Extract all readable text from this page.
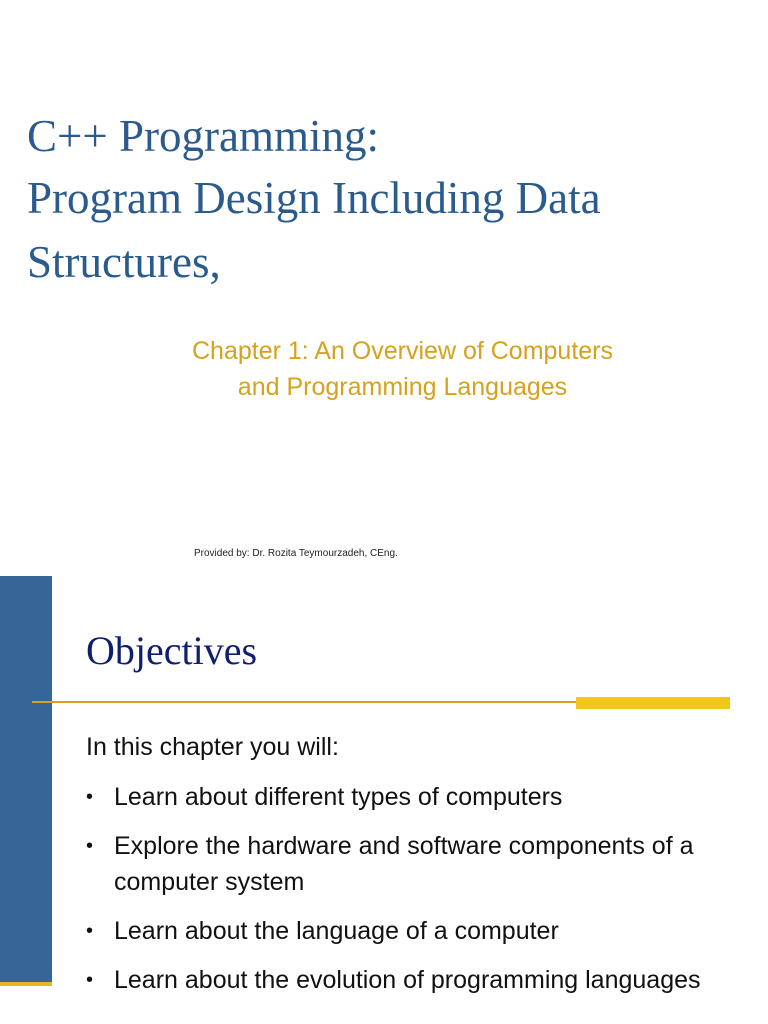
C++ Programming:
Program Design Including Data
Structures,
Chapter 1: An Overview of Computers
and Programming Languages
Provided by: Dr. Rozita Teymourzadeh, CEng.
Objectives
In this chapter you will:
• Learn about different types of computers
• Explore the hardware and software components of a computer system
• Learn about the language of a computer
• Learn about the evolution of programming languages
